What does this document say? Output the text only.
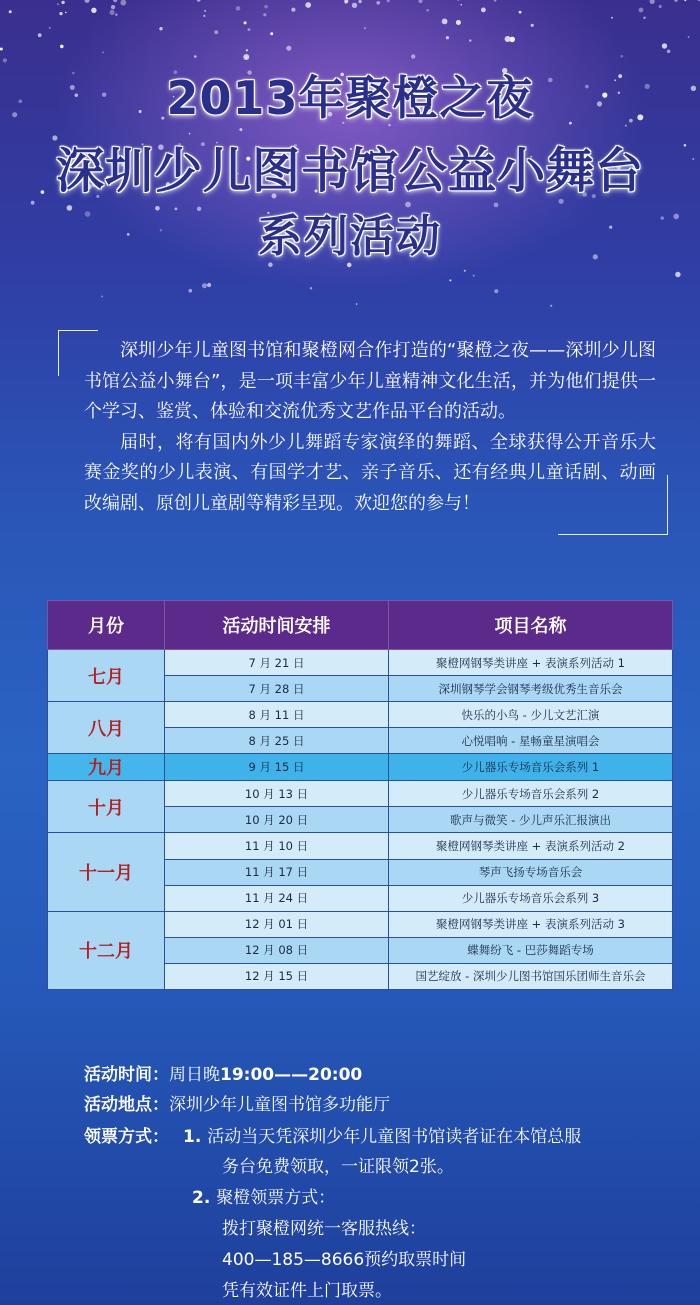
2013年聚橙之夜
深圳少儿图书馆公益小舞台
系列活动

深圳少年儿童图书馆和聚橙网合作打造的“聚橙之夜——深圳少儿图书馆公益小舞台”，是一项丰富少年儿童精神文化生活，并为他们提供一个学习、鉴赏、体验和交流优秀文艺作品平台的活动。

届时，将有国内外少儿舞蹈专家演绎的舞蹈、全球获得公开音乐大赛金奖的少儿表演、有国学才艺、亲子音乐、还有经典儿童话剧、动画改编剧、原创儿童剧等精彩呈现。欢迎您的参与！

月份	活动时间安排	项目名称
七月	7 月 21 日	聚橙网钢琴类讲座 + 表演系列活动 1
	7 月 28 日	深圳钢琴学会钢琴考级优秀生音乐会
八月	8 月 11 日	快乐的小鸟 - 少儿文艺汇演
	8 月 25 日	心悦唱响 - 星畅童星演唱会
九月	9 月 15 日	少儿器乐专场音乐会系列 1
十月	10 月 13 日	少儿器乐专场音乐会系列 2
	10 月 20 日	歌声与微笑 - 少儿声乐汇报演出
十一月	11 月 10 日	聚橙网钢琴类讲座 + 表演系列活动 2
	11 月 17 日	琴声飞扬专场音乐会
	11 月 24 日	少儿器乐专场音乐会系列 3
十二月	12 月 01 日	聚橙网钢琴类讲座 + 表演系列活动 3
	12 月 08 日	蝶舞纷飞 - 巴莎舞蹈专场
	12 月 15 日	国艺绽放 - 深圳少儿图书馆国乐团师生音乐会
活动时间：周日晚19:00——20:00
活动地点：深圳少年儿童图书馆多功能厅
领票方式： 1. 活动当天凭深圳少年儿童图书馆读者证在本馆总服
务台免费领取，一证限领2张。
2. 聚橙领票方式：
拨打聚橙网统一客服热线：
400—185—8666预约取票时间
凭有效证件上门取票。
